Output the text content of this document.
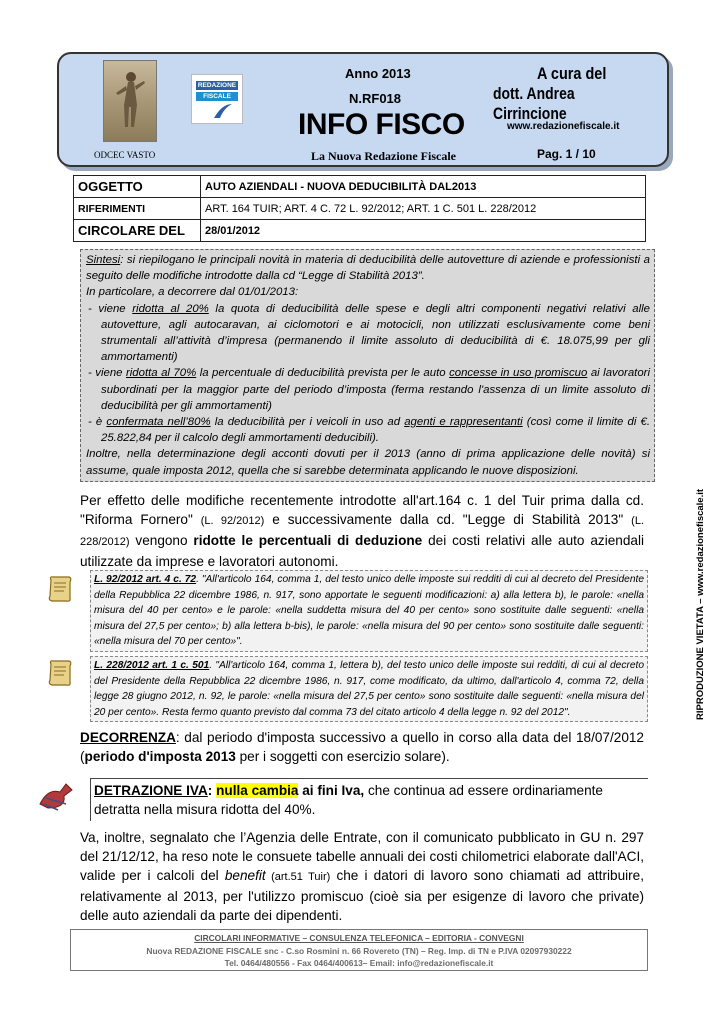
ODCEC VASTO
REDAZIONE
FISCALE
Anno 2013
N.RF018
INFO FISCO
La Nuova Redazione Fiscale
A cura del
dott. Andrea Cirrincione
www.redazionefiscale.it
Pag. 1 / 10
OGGETTO	AUTO AZIENDALI - NUOVA DEDUCIBILITÀ DAL2013
RIFERIMENTI	ART. 164 TUIR; ART. 4 C. 72 L. 92/2012; ART. 1 C. 501 L. 228/2012
CIRCOLARE DEL	28/01/2012

Sintesi: si riepilogano le principali novità in materia di deducibilità delle autovetture di aziende e professionisti a seguito delle modifiche introdotte dalla cd “Legge di Stabilità 2013”.

In particolare, a decorrere dal 01/01/2013:

- viene ridotta al 20% la quota di deducibilità delle spese e degli altri componenti negativi relativi alle autovetture, agli autocaravan, ai ciclomotori e ai motocicli, non utilizzati esclusivamente come beni strumentali all’attività d’impresa (permanendo il limite assoluto di deducibilità di €. 18.075,99 per gli ammortamenti)

- viene ridotta al 70% la percentuale di deducibilità prevista per le auto concesse in uso promiscuo ai lavoratori subordinati per la maggior parte del periodo d’imposta (ferma restando l'assenza di un limite assoluto di deducibilità per gli ammortamenti)

- è confermata nell’80% la deducibilità per i veicoli in uso ad agenti e rappresentanti (così come il limite di €. 25.822,84 per il calcolo degli ammortamenti deducibili).

Inoltre, nella determinazione degli acconti dovuti per il 2013 (anno di prima applicazione delle novità) si assume, quale imposta 2012, quella che si sarebbe determinata applicando le nuove disposizioni.

Per effetto delle modifiche recentemente introdotte all'art.164 c. 1 del Tuir prima dalla cd. "Riforma Fornero" (L. 92/2012) e successivamente dalla cd. "Legge di Stabilità 2013" (L. 228/2012) vengono ridotte le percentuali di deduzione dei costi relativi alle auto aziendali utilizzate da imprese e lavoratori autonomi.
L. 92/2012 art. 4 c. 72. "All'articolo 164, comma 1, del testo unico delle imposte sui redditi di cui al decreto del Presidente della Repubblica 22 dicembre 1986, n. 917, sono apportate le seguenti modificazioni: a) alla lettera b), le parole: «nella misura del 40 per cento» e le parole: «nella suddetta misura del 40 per cento» sono sostituite dalle seguenti: «nella misura del 27,5 per cento»; b) alla lettera b-bis), le parole: «nella misura del 90 per cento» sono sostituite dalle seguenti: «nella misura del 70 per cento»".
L. 228/2012 art. 1 c. 501. "All'articolo 164, comma 1, lettera b), del testo unico delle imposte sui redditi, di cui al decreto del Presidente della Repubblica 22 dicembre 1986, n. 917, come modificato, da ultimo, dall'articolo 4, comma 72, della legge 28 giugno 2012, n. 92, le parole: «nella misura del 27,5 per cento» sono sostituite dalle seguenti: «nella misura del 20 per cento». Resta fermo quanto previsto dal comma 73 del citato articolo 4 della legge n. 92 del 2012".
DECORRENZA: dal periodo d'imposta successivo a quello in corso alla data del 18/07/2012 (periodo d'imposta 2013 per i soggetti con esercizio solare).
DETRAZIONE IVA: nulla cambia ai fini Iva, che continua ad essere ordinariamente detratta nella misura ridotta del 40%.
Va, inoltre, segnalato che l’Agenzia delle Entrate, con il comunicato pubblicato in GU n. 297 del 21/12/12, ha reso note le consuete tabelle annuali dei costi chilometrici elaborate dall'ACI, valide per i calcoli del benefit (art.51 Tuir) che i datori di lavoro sono chiamati ad attribuire, relativamente al 2013, per l'utilizzo promiscuo (cioè sia per esigenze di lavoro che private) delle auto aziendali da parte dei dipendenti.
CIRCOLARI INFORMATIVE – CONSULENZA TELEFONICA – EDITORIA - CONVEGNI
Nuova REDAZIONE FISCALE snc - C.so Rosmini n. 66 Rovereto (TN) – Reg. Imp. di TN e P.IVA 02097930222
Tel. 0464/480556 - Fax 0464/400613– Email: info@redazionefiscale.it
RIPRODUZIONE VIETATA – www.redazionefiscale.it
